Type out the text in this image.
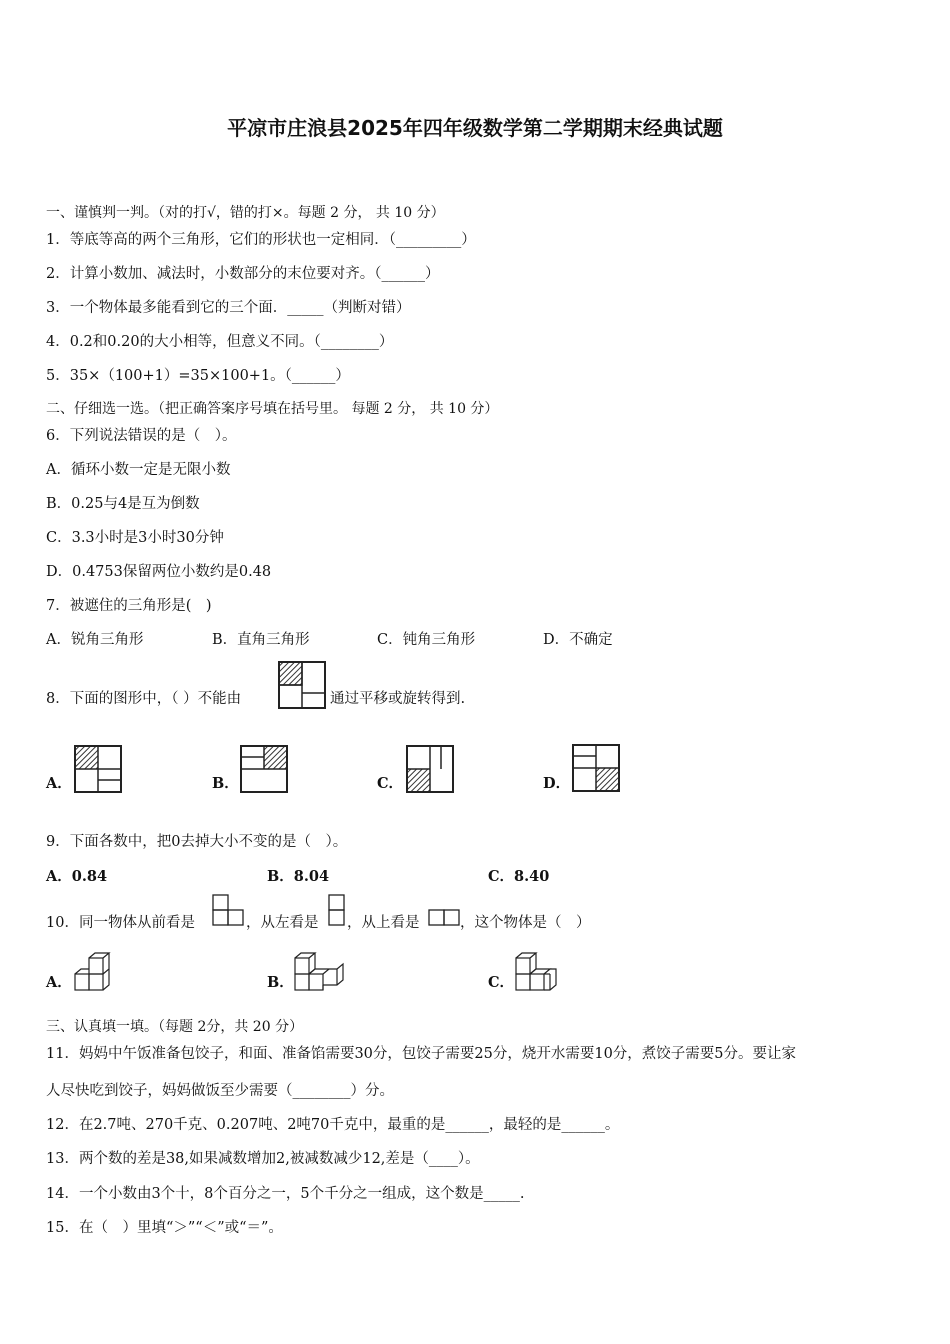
平凉市庄浪县2025年四年级数学第二学期期末经典试题
一、谨慎判一判。（对的打√，错的打×。每题 2 分， 共 10 分）
1．等底等高的两个三角形，它们的形状也一定相同．（_________）
2．计算小数加、减法时，小数部分的末位要对齐。（______）
3．一个物体最多能看到它的三个面．_____（判断对错）
4．0.2和0.20的大小相等，但意义不同。（________）
5．35×（100+1）=35×100+1。（______）
二、仔细选一选。（把正确答案序号填在括号里。 每题 2 分， 共 10 分）
6．下列说法错误的是（　）。
A．循环小数一定是无限小数
B．0.25与4是互为倒数
C．3.3小时是3小时30分钟
D．0.4753保留两位小数约是0.48
7．被遮住的三角形是(　)
A．锐角三角形	B．直角三角形	C．钝角三角形	D．不确定
8．下面的图形中，（ ）不能由	通过平移或旋转得到.
A．	B．	C．	D．
9．下面各数中，把0去掉大小不变的是（　）。
A．0.84	B．8.04	C．8.40
10．同一物体从前看是	，从左看是 ，从上看是	，这个物体是（　）
A．	B．	C．
三、认真填一填。（每题 2分，共 20 分）
11．妈妈中午饭准备包饺子，和面、准备馅需要30分，包饺子需要25分，烧开水需要10分，煮饺子需要5分。要让家
人尽快吃到饺子，妈妈做饭至少需要（________）分。
12．在2.7吨、270千克、0.207吨、2吨70千克中，最重的是______，最轻的是______。
13．两个数的差是38,如果减数增加2,被减数减少12,差是（____）。
14．一个小数由3个十，8个百分之一，5个千分之一组成，这个数是_____.
15．在（　）里填“＞”“＜”或“＝”。
